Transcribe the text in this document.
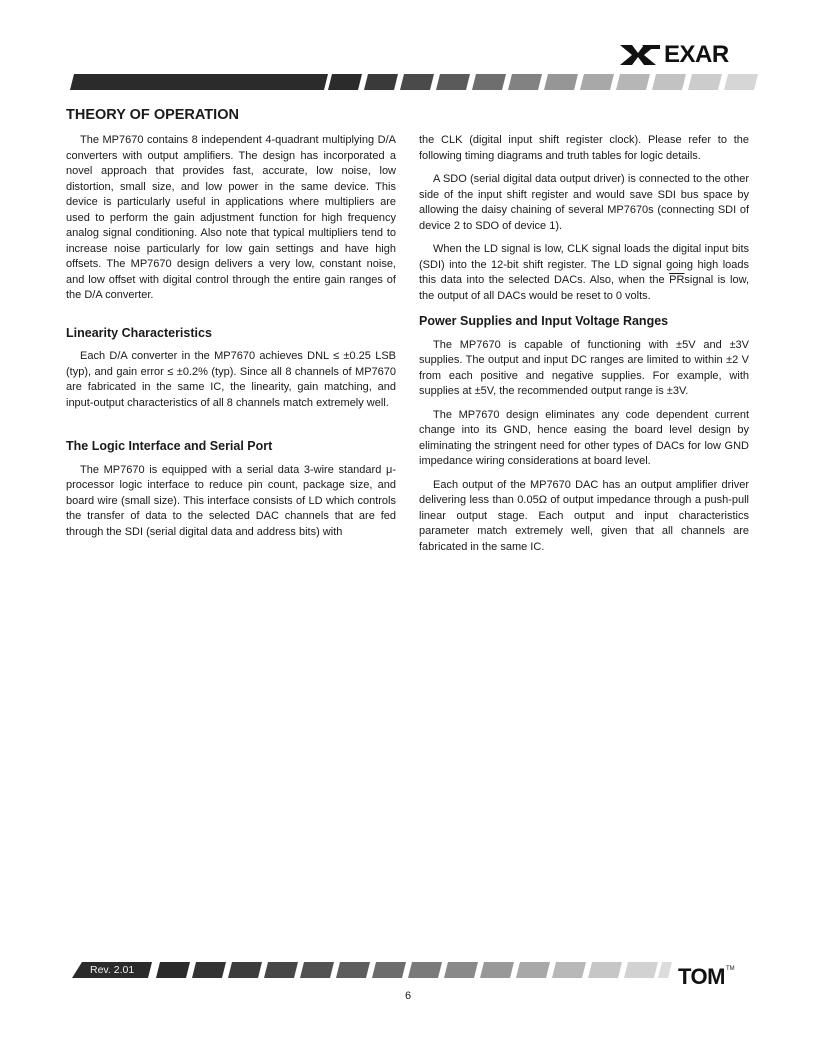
EXAR
THEORY OF OPERATION

The MP7670 contains 8 independent 4-quadrant multiplying D/A converters with output amplifiers. The design has incorporated a novel approach that provides fast, accurate, low noise, low distortion, small size, and low power in the same device. This device is particularly useful in applications where multipliers are used to perform the gain adjustment function for high frequency analog signal conditioning. Also note that typical multipliers tend to increase noise particularly for low gain settings and have high offsets. The MP7670 design delivers a very low, constant noise, and low offset with digital control through the entire gain ranges of the D/A converter.

Linearity Characteristics

Each D/A converter in the MP7670 achieves DNL ≤ ±0.25 LSB (typ), and gain error ≤ ±0.2% (typ). Since all 8 channels of MP7670 are fabricated in the same IC, the linearity, gain matching, and input-output characteristics of all 8 channels match extremely well.

The Logic Interface and Serial Port

The MP7670 is equipped with a serial data 3-wire standard μ-processor logic interface to reduce pin count, package size, and board wire (small size). This interface consists of LD which controls the transfer of data to the selected DAC channels that are fed through the SDI (serial digital data and address bits) with

the CLK (digital input shift register clock). Please refer to the following timing diagrams and truth tables for logic details.

A SDO (serial digital data output driver) is connected to the other side of the input shift register and would save SDI bus space by allowing the daisy chaining of several MP7670s (connecting SDI of device 2 to SDO of device 1).

When the LD signal is low, CLK signal loads the digital input bits (SDI) into the 12-bit shift register. The LD signal going high loads this data into the selected DACs. Also, when the $\overline{PR}signal$ is low, the output of all DACs would be reset to 0 volts.

Power Supplies and Input Voltage Ranges

The MP7670 is capable of functioning with ±5V and ±3V supplies. The output and input DC ranges are limited to within ±2 V from each positive and negative supplies. For example, with supplies at ±5V, the recommended output range is ±3V.

The MP7670 design eliminates any code dependent current change into its GND, hence easing the board level design by eliminating the stringent need for other types of DACs for low GND impedance wiring considerations at board level.

Each output of the MP7670 DAC has an output amplifier driver delivering less than 0.05Ω of output impedance through a push-pull linear output stage. Each output and input characteristics parameter match extremely well, given that all channels are fabricated in the same IC.

Rev. 2.01	TOM TM
6
